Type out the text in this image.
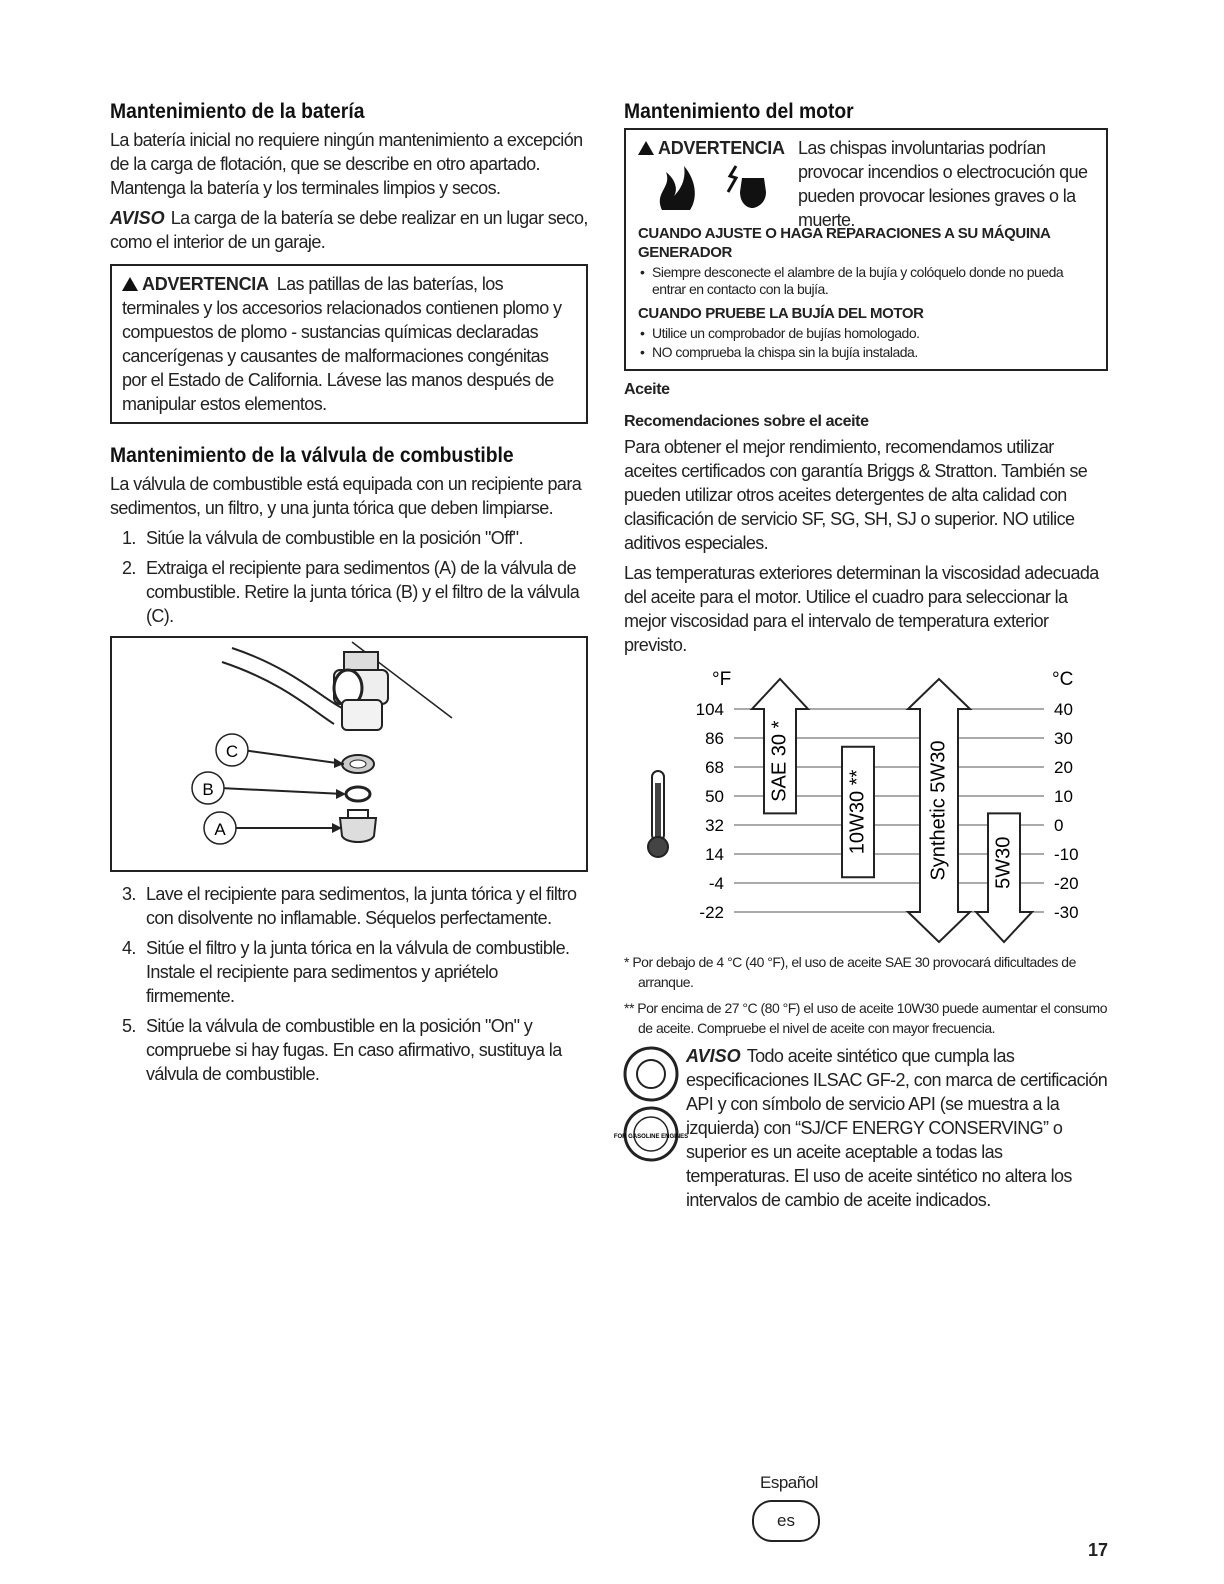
Mantenimiento de la batería

La batería inicial no requiere ningún mantenimiento a excepción de la carga de flotación, que se describe en otro apartado. Mantenga la batería y los terminales limpios y secos.

AVISO La carga de la batería se debe realizar en un lugar seco, como el interior de un garaje.

ADVERTENCIA Las patillas de las baterías, los terminales y los accesorios relacionados contienen plomo y compuestos de plomo - sustancias químicas declaradas cancerígenas y causantes de malformaciones congénitas por el Estado de California. Lávese las manos después de manipular estos elementos.
Mantenimiento de la válvula de combustible

La válvula de combustible está equipada con un recipiente para sedimentos, un filtro, y una junta tórica que deben limpiarse.

1. Sitúe la válvula de combustible en la posición "Off".
2. Extraiga el recipiente para sedimentos (A) de la válvula de combustible. Retire la junta tórica (B) y el filtro de la válvula (C).
C
B
A
3. Lave el recipiente para sedimentos, la junta tórica y el filtro con disolvente no inflamable. Séquelos perfectamente.
4. Sitúe el filtro y la junta tórica en la válvula de combustible. Instale el recipiente para sedimentos y apriételo firmemente.
5. Sitúe la válvula de combustible en la posición "On" y compruebe si hay fugas. En caso afirmativo, sustituya la válvula de combustible.
Mantenimiento del motor
ADVERTENCIA Las chispas involuntarias podrían provocar incendios o electrocución que pueden provocar lesiones graves o la muerte.
CUANDO AJUSTE O HAGA REPARACIONES A SU MÁQUINA GENERADOR
• Siempre desconecte el alambre de la bujía y colóquelo donde no pueda entrar en contacto con la bujía.
CUANDO PRUEBE LA BUJÍA DEL MOTOR
• Utilice un comprobador de bujías homologado.
• NO comprueba la chispa sin la bujía instalada.
Aceite
Recomendaciones sobre el aceite

Para obtener el mejor rendimiento, recomendamos utilizar aceites certificados con garantía Briggs & Stratton. También se pueden utilizar otros aceites detergentes de alta calidad con clasificación de servicio SF, SG, SH, SJ o superior. NO utilice aditivos especiales.

Las temperaturas exteriores determinan la viscosidad adecuada del aceite para el motor. Utilice el cuadro para seleccionar la mejor viscosidad para el intervalo de temperatura exterior previsto.

°F	°C
104	40
86	30
68	20
50	10
32	0
14	-10
-4	-20
-22	-30
SAE 30 *
10W30 **	Synthetic 5W30 5W30
* Por debajo de 4 °C (40 °F), el uso de aceite SAE 30 provocará dificultades de arranque.
** Por encima de 27 °C (80 °F) el uso de aceite 10W30 puede aumentar el consumo de aceite. Compruebe el nivel de aceite con mayor frecuencia.
FOR GASOLINE ENGINES

AVISO Todo aceite sintético que cumpla las especificaciones ILSAC GF-2, con marca de certificación API y con símbolo de servicio API (se muestra a la izquierda) con “SJ/CF ENERGY CONSERVING” o superior es un aceite aceptable a todas las temperaturas. El uso de aceite sintético no altera los intervalos de cambio de aceite indicados.

Español
es
17
